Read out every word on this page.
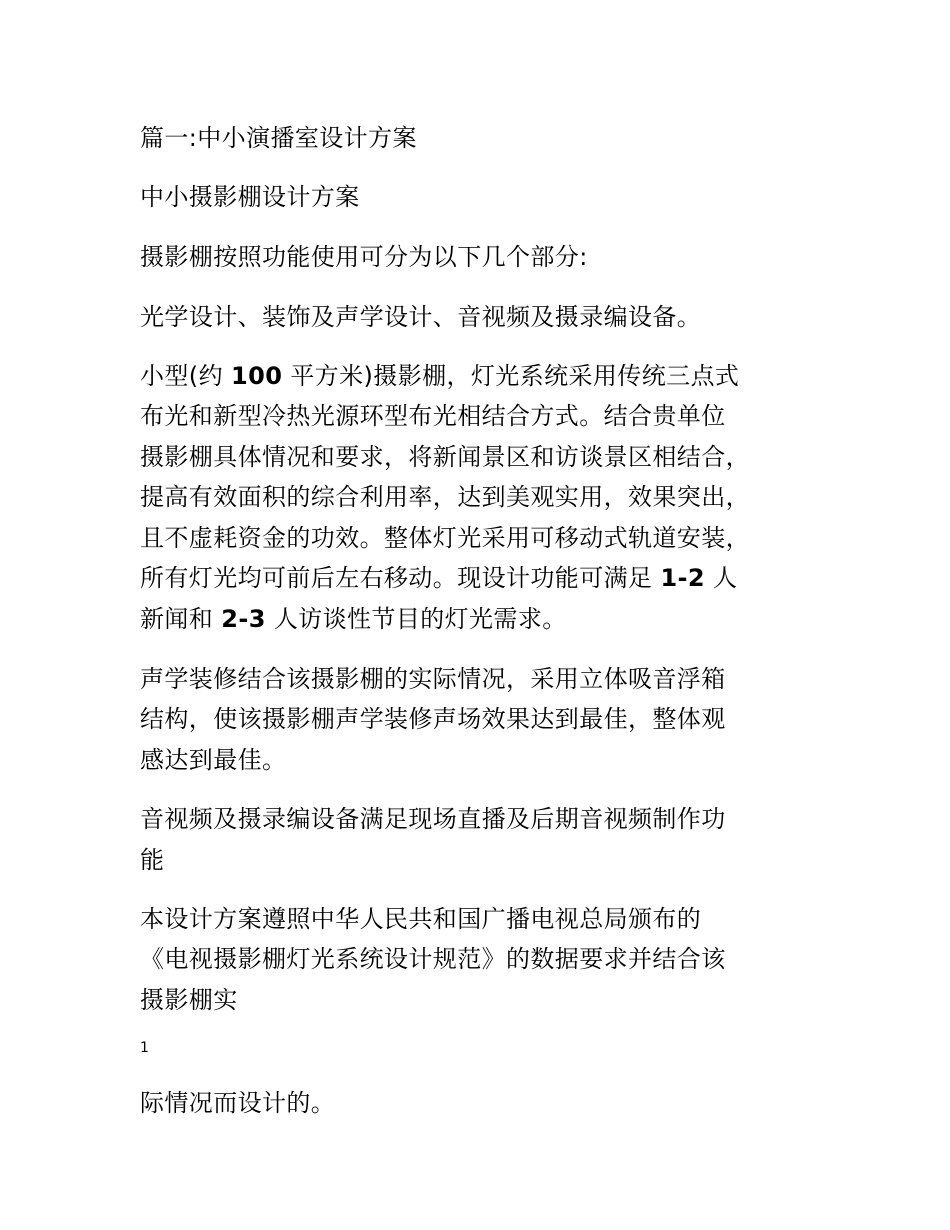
篇一:中小演播室设计方案

中小摄影棚设计方案

摄影棚按照功能使用可分为以下几个部分:

光学设计、装饰及声学设计、音视频及摄录编设备。

小型(约 100 平方米)摄影棚，灯光系统采用传统三点式

布光和新型冷热光源环型布光相结合方式。结合贵单位

摄影棚具体情况和要求，将新闻景区和访谈景区相结合，

提高有效面积的综合利用率，达到美观实用，效果突出，

且不虚耗资金的功效。整体灯光采用可移动式轨道安装，

所有灯光均可前后左右移动。现设计功能可满足 1-2 人

新闻和 2-3 人访谈性节目的灯光需求。

声学装修结合该摄影棚的实际情况，采用立体吸音浮箱

结构，使该摄影棚声学装修声场效果达到最佳，整体观

感达到最佳。

音视频及摄录编设备满足现场直播及后期音视频制作功

能

本设计方案遵照中华人民共和国广播电视总局颁布的

《电视摄影棚灯光系统设计规范》的数据要求并结合该

摄影棚实

1

际情况而设计的。
